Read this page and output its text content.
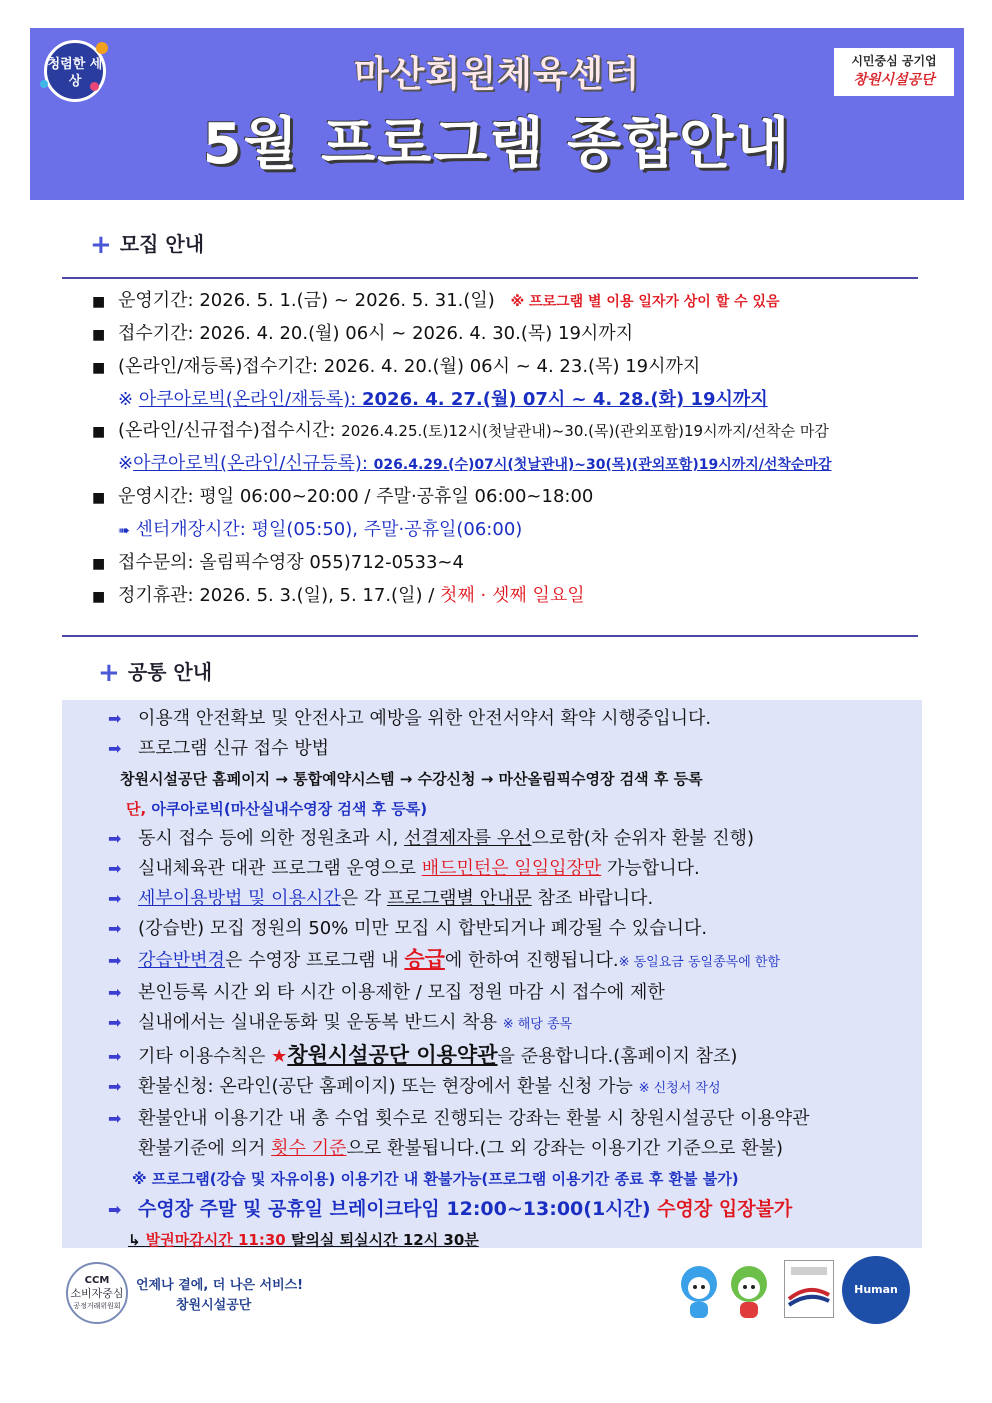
청렴한 세상	마산회원체육센터
5월 프로그램 종합안내
시민중심 공기업
창원시설공단
+ 모집 안내
■ 운영기간: 2026. 5. 1.(금) ~ 2026. 5. 31.(일) ※ 프로그램 별 이용 일자가 상이 할 수 있음
■ 접수기간: 2026. 4. 20.(월) 06시 ~ 2026. 4. 30.(목) 19시까지
■ (온라인/재등록)접수기간: 2026. 4. 20.(월) 06시 ~ 4. 23.(목) 19시까지
※ 아쿠아로빅(온라인/재등록): 2026. 4. 27.(월) 07시 ~ 4. 28.(화) 19시까지
■ (온라인/신규접수)접수시간: 2026.4.25.(토)12시(첫날관내)~30.(목)(관외포함)19시까지/선착순 마감
※아쿠아로빅(온라인/신규등록): 026.4.29.(수)07시(첫날관내)~30(목)(관외포함)19시까지/선착순마감
■ 운영시간: 평일 06:00~20:00 / 주말·공휴일 06:00~18:00
➠ 센터개장시간: 평일(05:50), 주말·공휴일(06:00)
■ 접수문의: 올림픽수영장 055)712-0533~4
■ 정기휴관: 2026. 5. 3.(일), 5. 17.(일) / 첫째 · 셋째 일요일
+ 공통 안내
➡ 이용객 안전확보 및 안전사고 예방을 위한 안전서약서 확약 시행중입니다.
➡ 프로그램 신규 접수 방법
창원시설공단 홈페이지 → 통합예약시스템 → 수강신청 → 마산올림픽수영장 검색 후 등록
단, 아쿠아로빅(마산실내수영장 검색 후 등록)
➡ 동시 접수 등에 의한 정원초과 시, 선결제자를 우선으로함(차 순위자 환불 진행)
➡ 실내체육관 대관 프로그램 운영으로 배드민턴은 일일입장만 가능합니다.
➡ 세부이용방법 및 이용시간은 각 프로그램별 안내문 참조 바랍니다.
➡ (강습반) 모집 정원의 50% 미만 모집 시 합반되거나 폐강될 수 있습니다.
➡ 강습반변경은 수영장 프로그램 내 승급에 한하여 진행됩니다.※ 동일요금 동일종목에 한함
➡ 본인등록 시간 외 타 시간 이용제한 / 모집 정원 마감 시 접수에 제한
➡ 실내에서는 실내운동화 및 운동복 반드시 착용 ※ 해당 종목
➡ 기타 이용수칙은 ★창원시설공단 이용약관을 준용합니다.(홈페이지 참조)
➡ 환불신청: 온라인(공단 홈페이지) 또는 현장에서 환불 신청 가능 ※ 신청서 작성
➡ 환불안내 이용기간 내 총 수업 횟수로 진행되는 강좌는 환불 시 창원시설공단 이용약관
환불기준에 의거 횟수 기준으로 환불됩니다.(그 외 강좌는 이용기간 기준으로 환불)
※ 프로그램(강습 및 자유이용) 이용기간 내 환불가능(프로그램 이용기간 종료 후 환불 불가)
➡ 수영장 주말 및 공휴일 브레이크타임 12:00~13:00(1시간) 수영장 입장불가
↳ 발권마감시간 11:30 탈의실 퇴실시간 12시 30분
CCM
소비자중심
공정거래위원회
언제나 곁에, 더 나은 서비스!
창원시설공단
Human Rights
